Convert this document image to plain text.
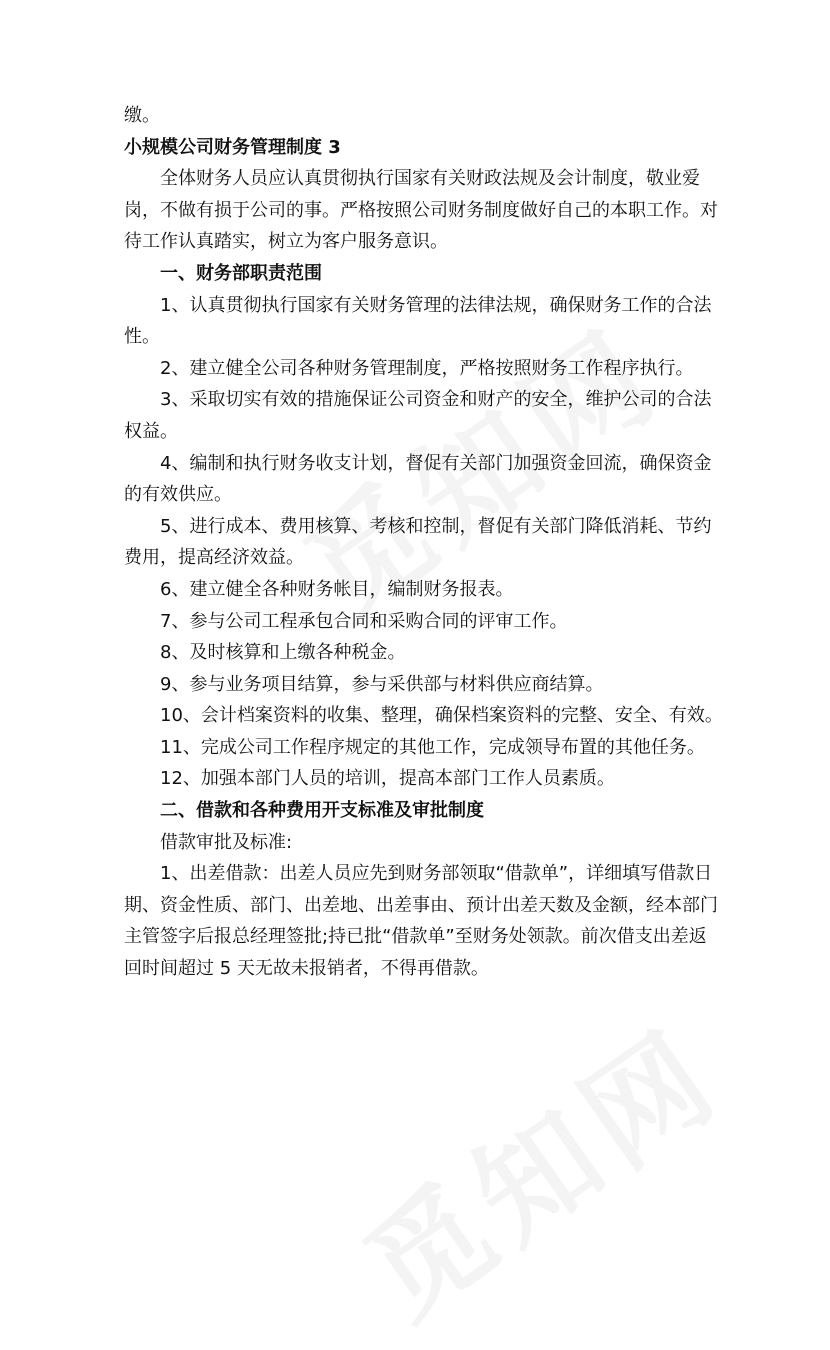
缴。

小规模公司财务管理制度 3

全体财务人员应认真贯彻执行国家有关财政法规及会计制度，敬业爱岗，不做有损于公司的事。严格按照公司财务制度做好自己的本职工作。对待工作认真踏实，树立为客户服务意识。

一、财务部职责范围

1、认真贯彻执行国家有关财务管理的法律法规，确保财务工作的合法性。

2、建立健全公司各种财务管理制度，严格按照财务工作程序执行。

3、采取切实有效的措施保证公司资金和财产的安全，维护公司的合法权益。

4、编制和执行财务收支计划，督促有关部门加强资金回流，确保资金的有效供应。

5、进行成本、费用核算、考核和控制，督促有关部门降低消耗、节约费用，提高经济效益。

6、建立健全各种财务帐目，编制财务报表。

7、参与公司工程承包合同和采购合同的评审工作。

8、及时核算和上缴各种税金。

9、参与业务项目结算，参与采供部与材料供应商结算。

10、会计档案资料的收集、整理，确保档案资料的完整、安全、有效。

11、完成公司工作程序规定的其他工作，完成领导布置的其他任务。

12、加强本部门人员的培训，提高本部门工作人员素质。

二、借款和各种费用开支标准及审批制度

借款审批及标准:

1、出差借款：出差人员应先到财务部领取“借款单”，详细填写借款日期、资金性质、部门、出差地、出差事由、预计出差天数及金额，经本部门主管签字后报总经理签批;持已批“借款单”至财务处领款。前次借支出差返回时间超过 5 天无故未报销者，不得再借款。
